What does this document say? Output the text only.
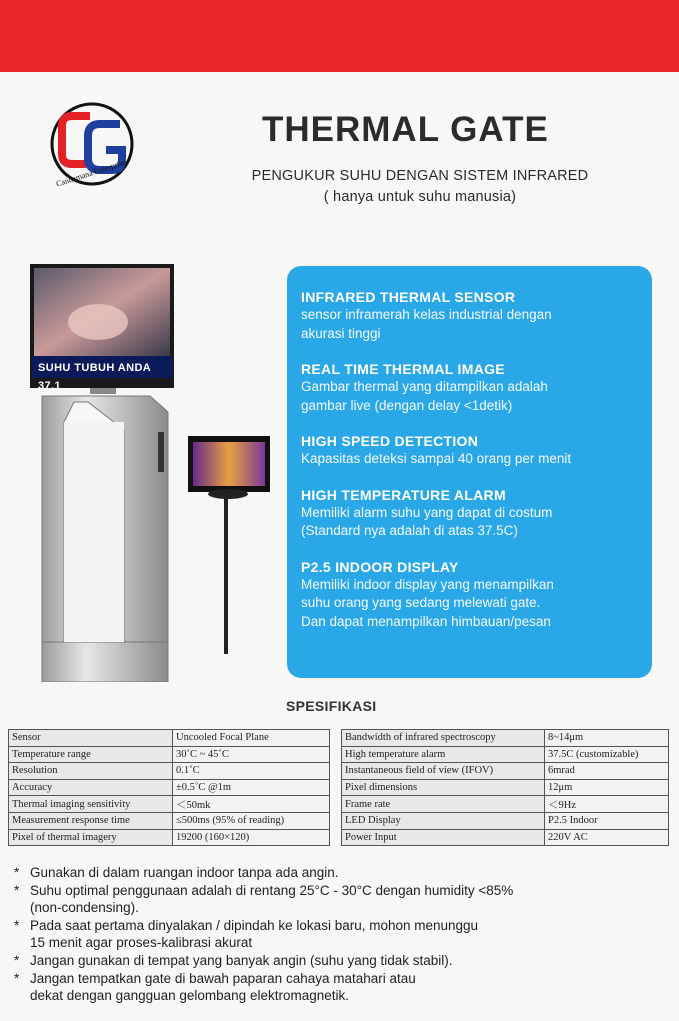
Candamana Enterprise
THERMAL GATE
PENGUKUR SUHU DENGAN SISTEM INFRARED
( hanya untuk suhu manusia)
SUHU TUBUH ANDA 37.1
INFRARED THERMAL SENSOR
sensor inframerah kelas industrial dengan
akurasi tinggi
REAL TIME THERMAL IMAGE
Gambar thermal yang ditampilkan adalah
gambar live (dengan delay <1detik)
HIGH SPEED DETECTION
Kapasitas deteksi sampai 40 orang per menit
HIGH TEMPERATURE ALARM
Memiliki alarm suhu yang dapat di costum
(Standard nya adalah di atas 37.5C)
P2.5 INDOOR DISPLAY
Memiliki indoor display yang menampilkan
suhu orang yang sedang melewati gate.
Dan dapat menampilkan himbauan/pesan
SPESIFIKASI
Sensor	Uncooled Focal Plane
Temperature range	30˚C ~ 45˚C
Resolution	0.1˚C
Accuracy	±0.5˚C @1m
Thermal imaging sensitivity	＜50mk
Measurement response time	≤500ms (95% of reading)
Pixel of thermal imagery	19200 (160×120)
Bandwidth of infrared spectroscopy	8~14μm
High temperature alarm	37.5C (customizable)
Instantaneous field of view (IFOV)	6mrad
Pixel dimensions	12μm
Frame rate	＜9Hz
LED Display	P2.5 Indoor
Power Input	220V AC
* Gunakan di dalam ruangan indoor tanpa ada angin.
* Suhu optimal penggunaan adalah di rentang 25°C - 30°C dengan humidity <85%
(non-condensing).
* Pada saat pertama dinyalakan / dipindah ke lokasi baru, mohon menunggu
15 menit agar proses-kalibrasi akurat
* Jangan gunakan di tempat yang banyak angin (suhu yang tidak stabil).
* Jangan tempatkan gate di bawah paparan cahaya matahari atau
dekat dengan gangguan gelombang elektromagnetik.
